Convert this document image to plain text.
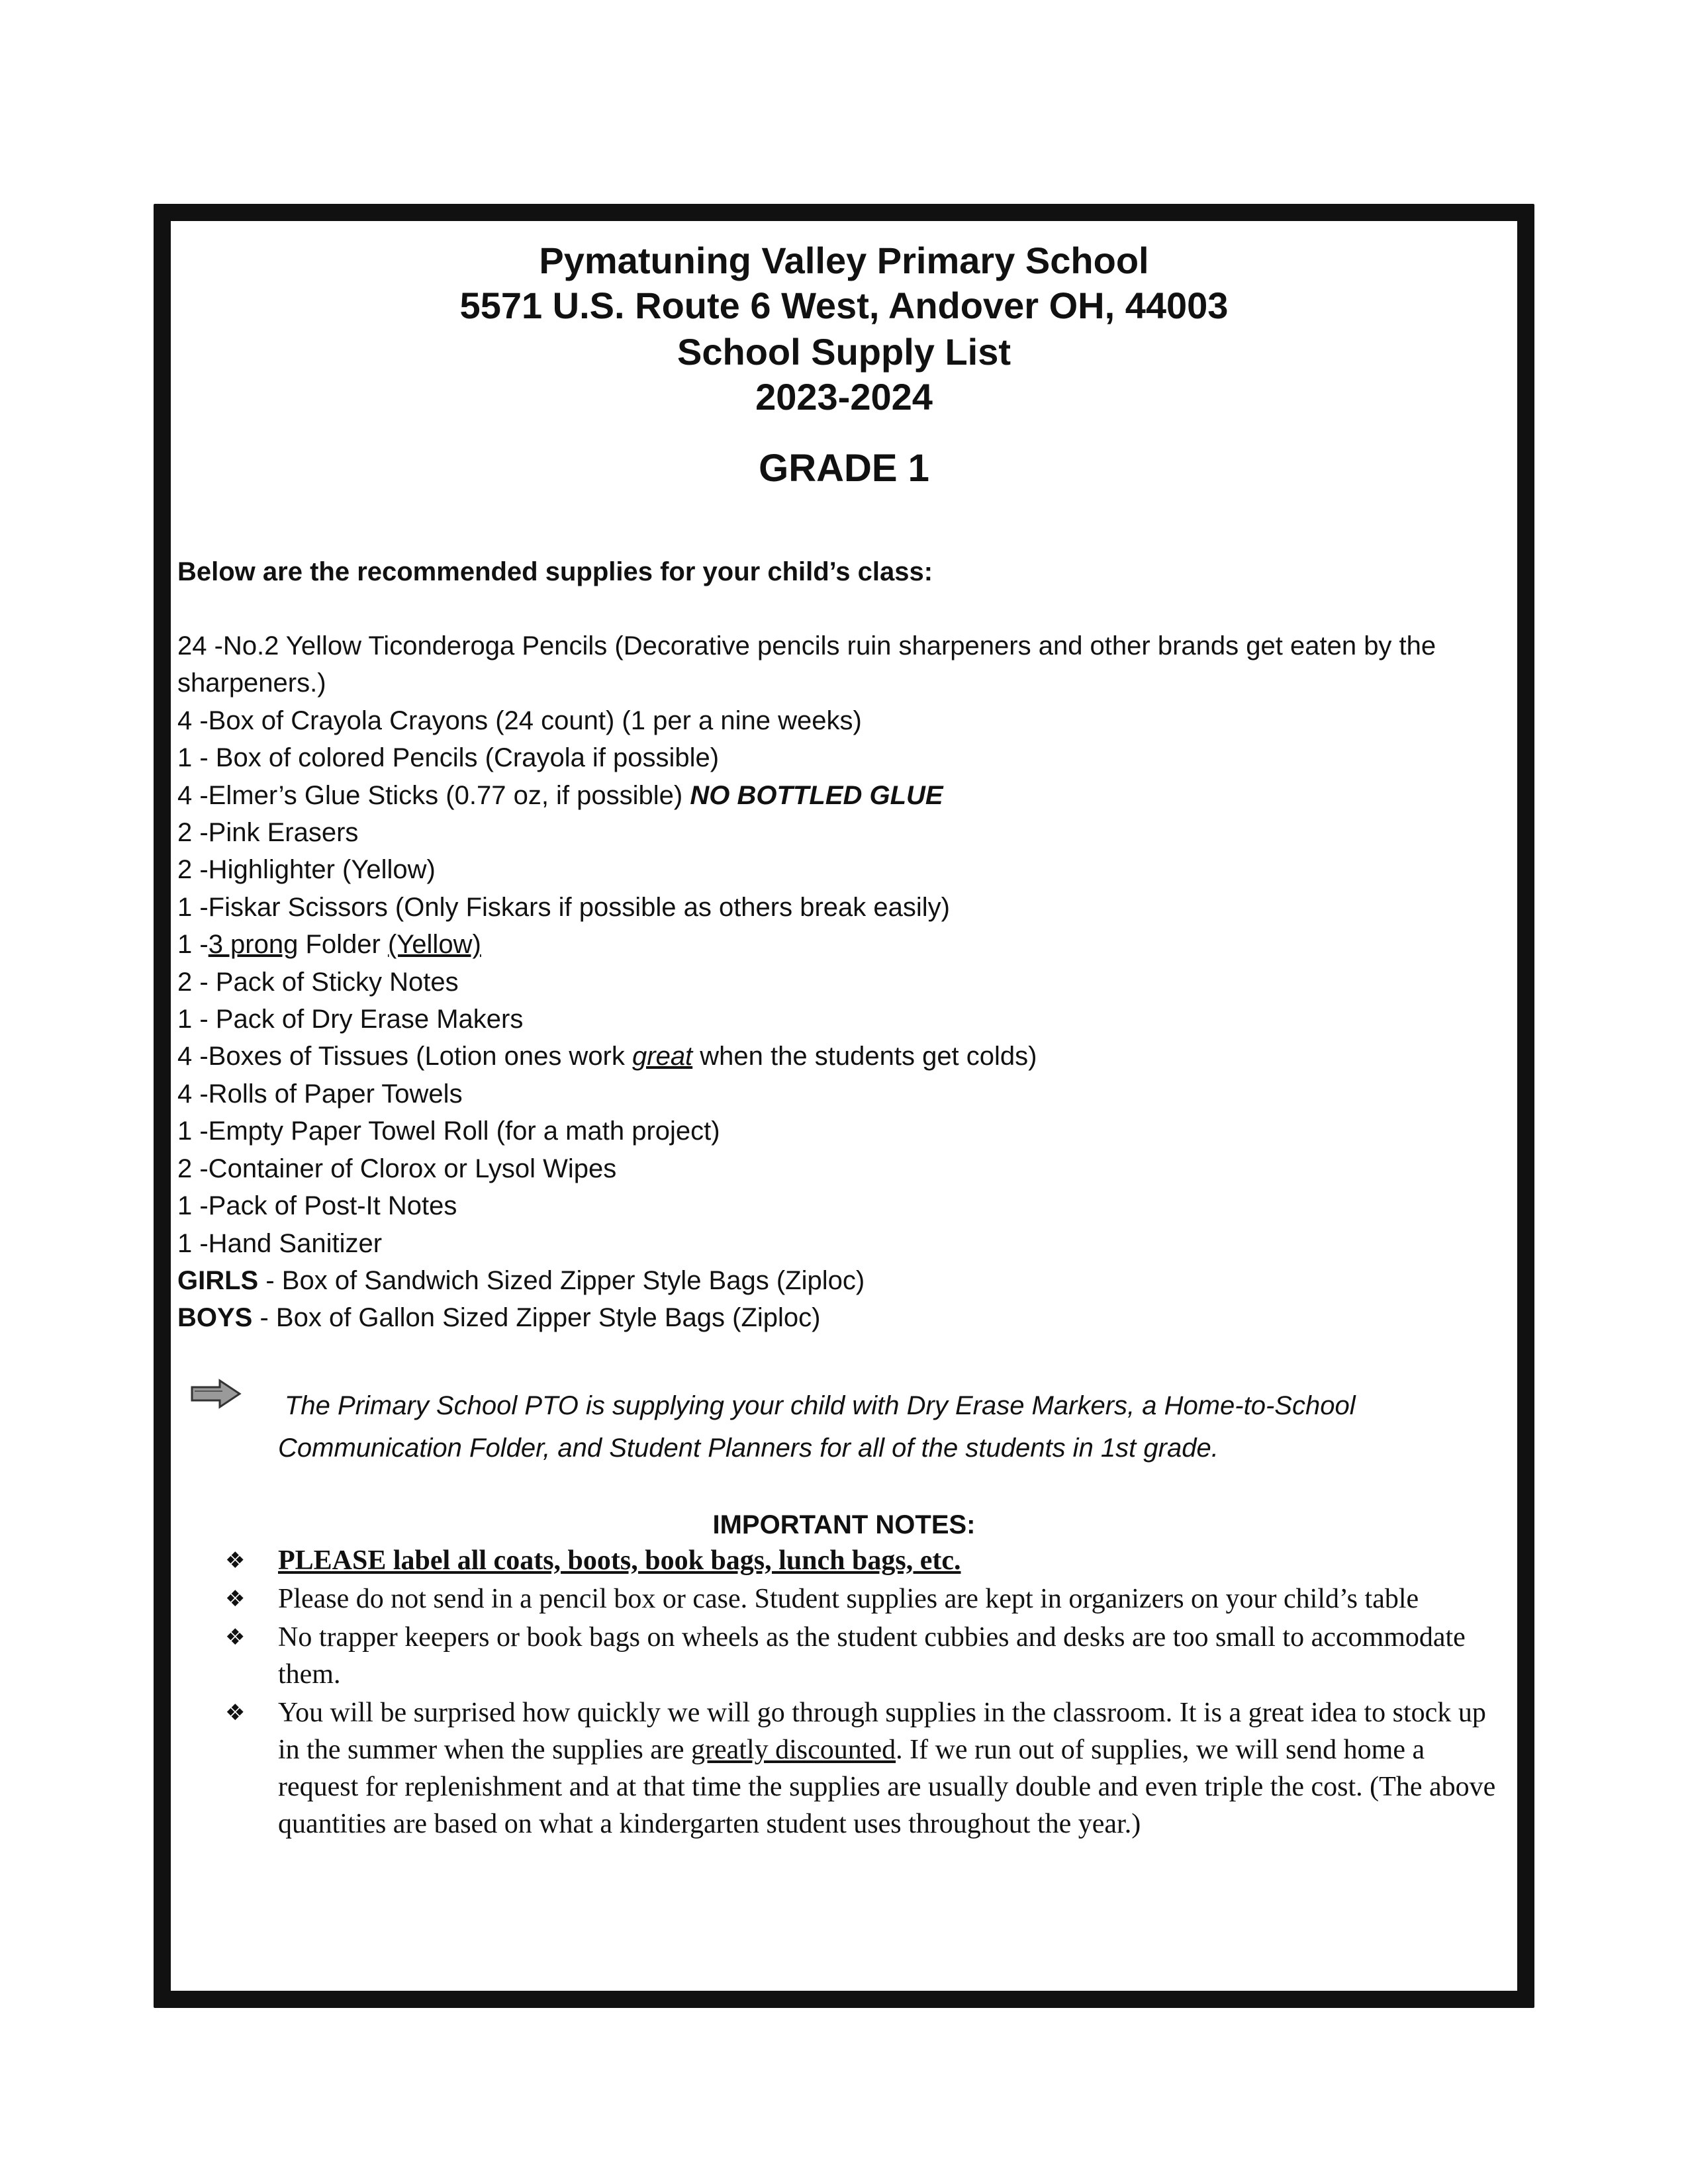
Pymatuning Valley Primary School
5571 U.S. Route 6 West, Andover OH, 44003
School Supply List
2023-2024
GRADE 1
Below are the recommended supplies for your child’s class:
24 -No.2 Yellow Ticonderoga Pencils (Decorative pencils ruin sharpeners and other brands get eaten by the sharpeners.)
4 -Box of Crayola Crayons (24 count) (1 per a nine weeks)
1 - Box of colored Pencils (Crayola if possible)
4 -Elmer’s Glue Sticks (0.77 oz, if possible) NO BOTTLED GLUE
2 -Pink Erasers
2 -Highlighter (Yellow)
1 -Fiskar Scissors (Only Fiskars if possible as others break easily)
1 -3 prong Folder (Yellow)
2 - Pack of Sticky Notes
1 - Pack of Dry Erase Makers
4 -Boxes of Tissues (Lotion ones work great when the students get colds)
4 -Rolls of Paper Towels
1 -Empty Paper Towel Roll (for a math project)
2 -Container of Clorox or Lysol Wipes
1 -Pack of Post-It Notes
1 -Hand Sanitizer
GIRLS - Box of Sandwich Sized Zipper Style Bags (Ziploc)
BOYS - Box of Gallon Sized Zipper Style Bags (Ziploc)
The Primary School PTO is supplying your child with Dry Erase Markers, a Home-to-School
Communication Folder, and Student Planners for all of the students in 1st grade.
IMPORTANT NOTES:
❖ PLEASE label all coats, boots, book bags, lunch bags, etc.
❖ Please do not send in a pencil box or case. Student supplies are kept in organizers on your child’s table
❖ No trapper keepers or book bags on wheels as the student cubbies and desks are too small to accommodate them.
❖ You will be surprised how quickly we will go through supplies in the classroom. It is a great idea to stock up in the summer when the supplies are greatly discounted. If we run out of supplies, we will send home a request for replenishment and at that time the supplies are usually double and even triple the cost. (The above quantities are based on what a kindergarten student uses throughout the year.)
